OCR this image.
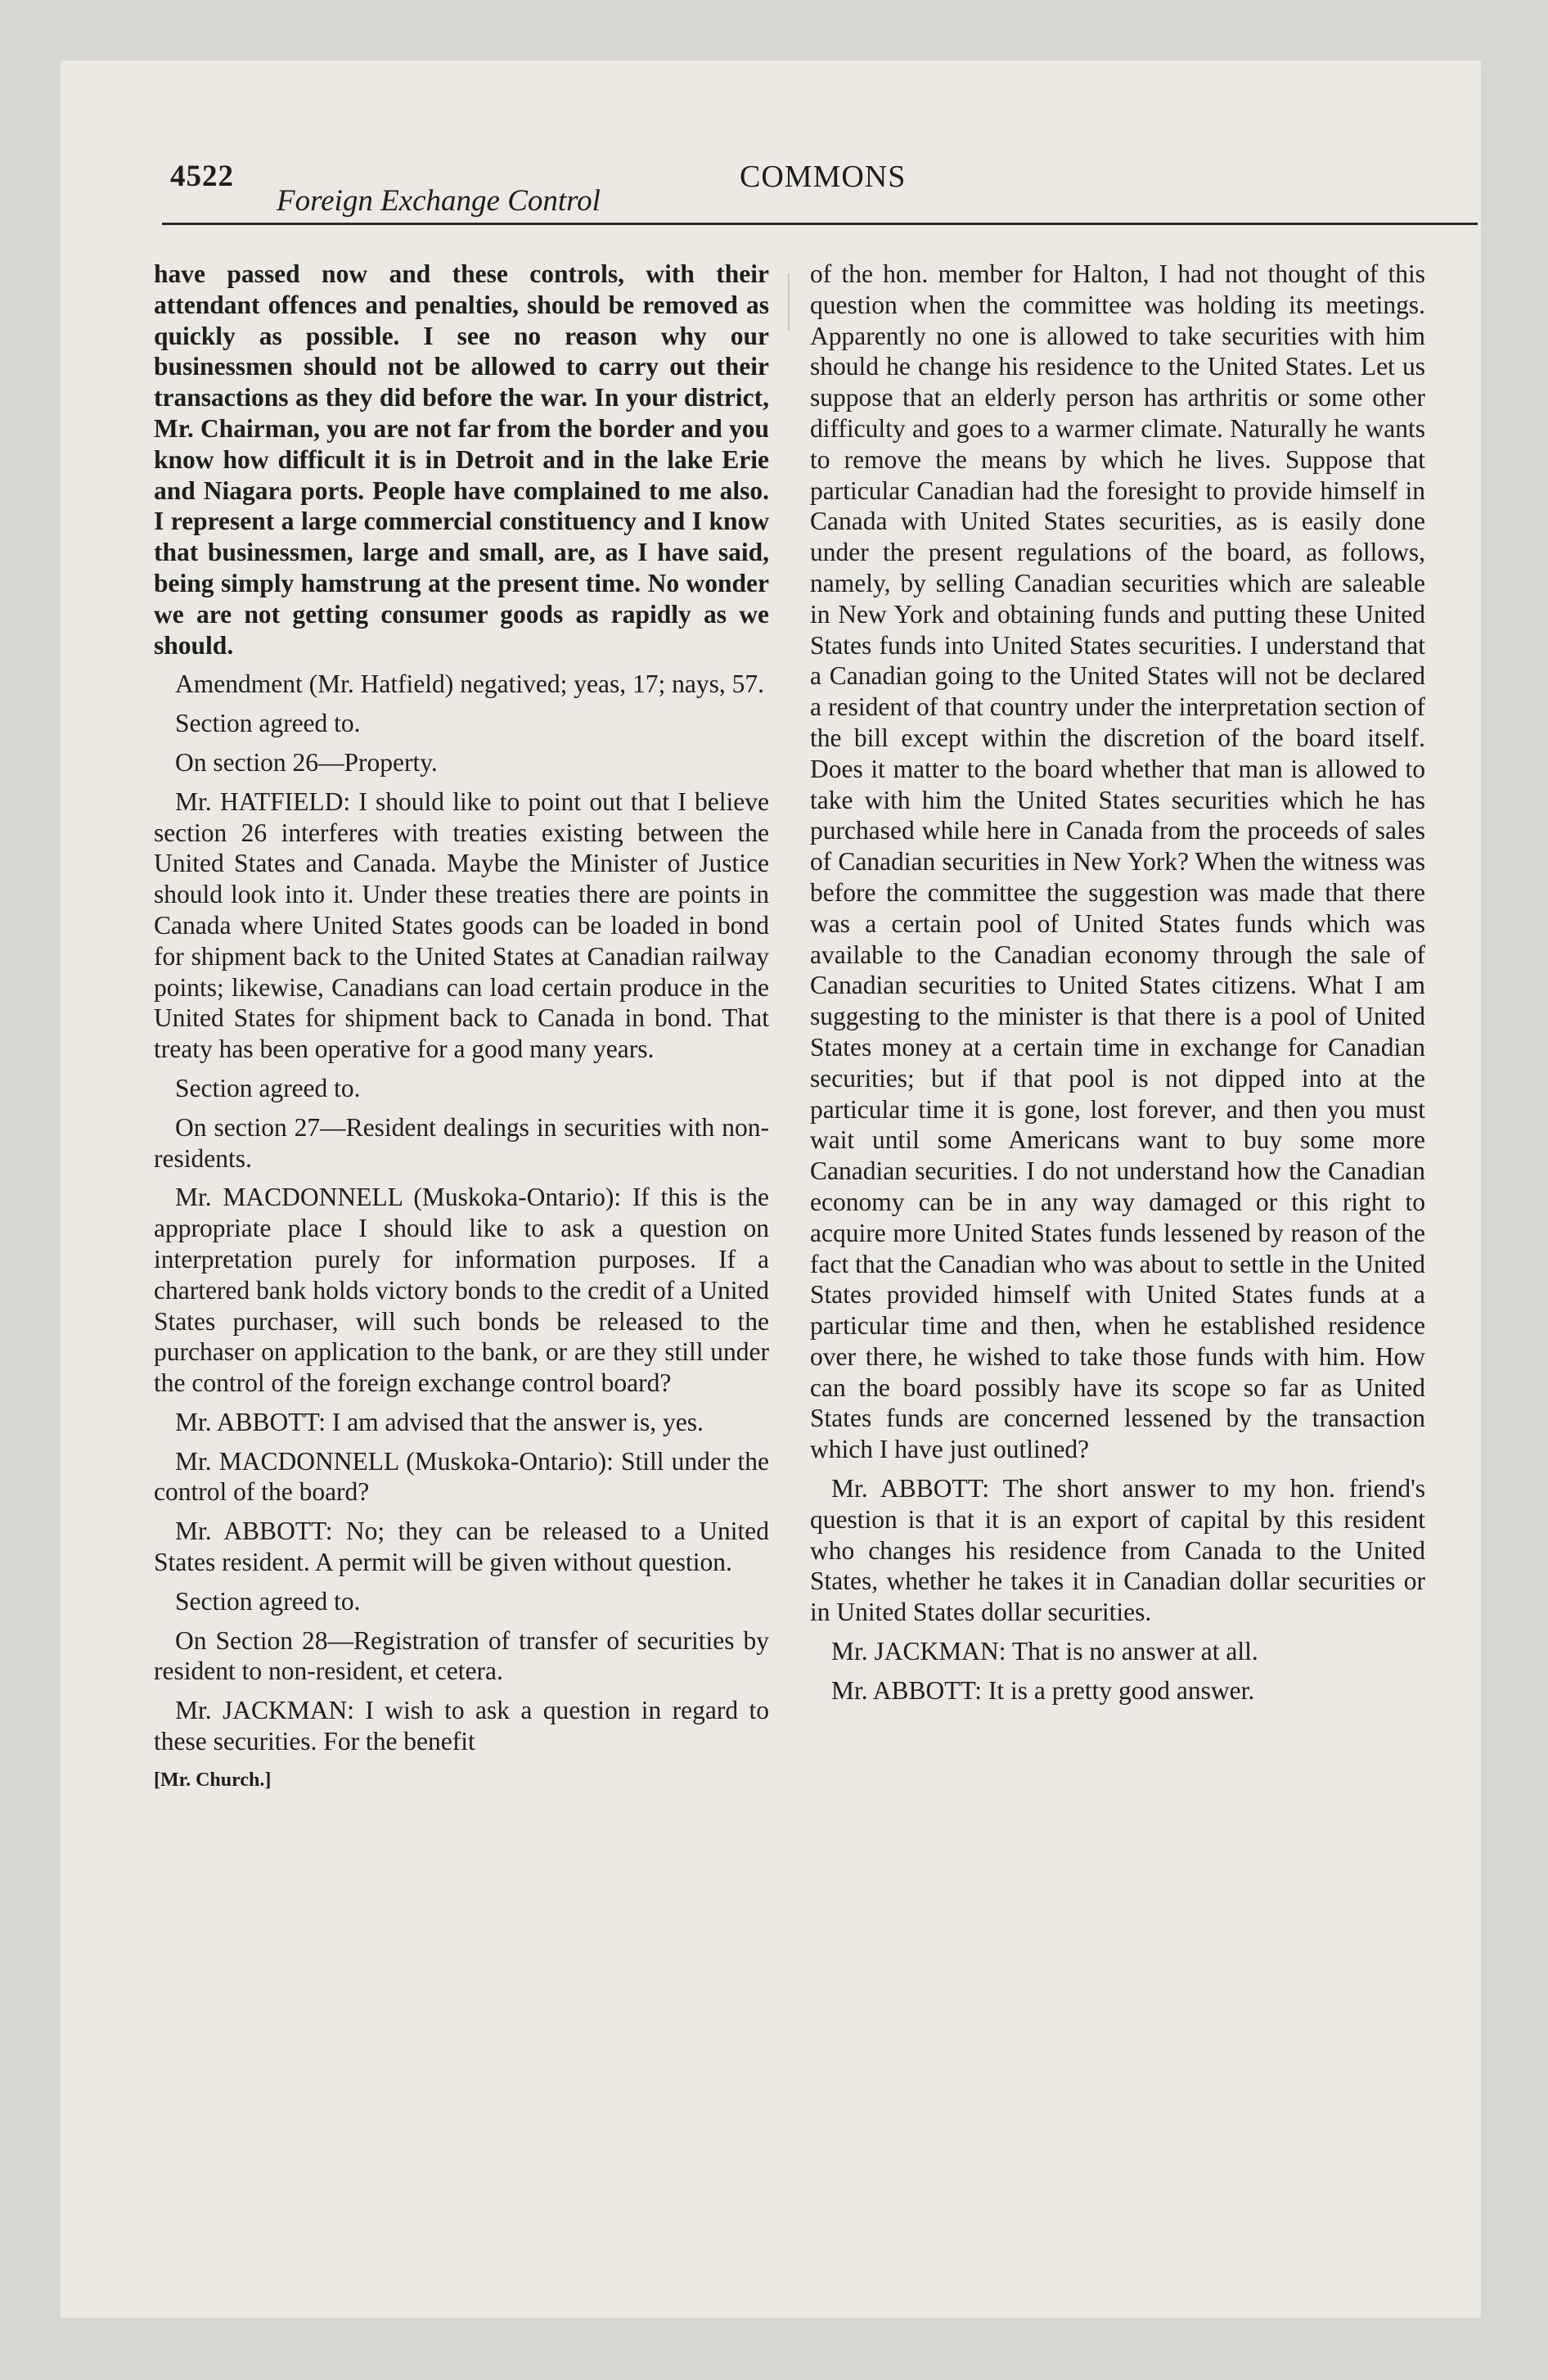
4522
Foreign Exchange Control
COMMONS

have passed now and these controls, with their attendant offences and penalties, should be removed as quickly as possible. I see no reason why our businessmen should not be allowed to carry out their transactions as they did before the war. In your district, Mr. Chairman, you are not far from the border and you know how difficult it is in Detroit and in the lake Erie and Niagara ports. People have complained to me also. I represent a large commercial constituency and I know that businessmen, large and small, are, as I have said, being simply hamstrung at the present time. No wonder we are not getting consumer goods as rapidly as we should.

Amendment (Mr. Hatfield) negatived; yeas, 17; nays, 57.

Section agreed to.

On section 26—Property.

Mr. HATFIELD: I should like to point out that I believe section 26 interferes with treaties existing between the United States and Canada. Maybe the Minister of Justice should look into it. Under these treaties there are points in Canada where United States goods can be loaded in bond for shipment back to the United States at Canadian railway points; likewise, Canadians can load certain produce in the United States for shipment back to Canada in bond. That treaty has been operative for a good many years.

Section agreed to.

On section 27—Resident dealings in securities with non-residents.

Mr. MACDONNELL (Muskoka-Ontario): If this is the appropriate place I should like to ask a question on interpretation purely for information purposes. If a chartered bank holds victory bonds to the credit of a United States purchaser, will such bonds be released to the purchaser on application to the bank, or are they still under the control of the foreign exchange control board?

Mr. ABBOTT: I am advised that the answer is, yes.

Mr. MACDONNELL (Muskoka-Ontario): Still under the control of the board?

Mr. ABBOTT: No; they can be released to a United States resident. A permit will be given without question.

Section agreed to.

On Section 28—Registration of transfer of securities by resident to non-resident, et cetera.

Mr. JACKMAN: I wish to ask a question in regard to these securities. For the benefit

[Mr. Church.]

of the hon. member for Halton, I had not thought of this question when the committee was holding its meetings. Apparently no one is allowed to take securities with him should he change his residence to the United States. Let us suppose that an elderly person has arthritis or some other difficulty and goes to a warmer climate. Naturally he wants to remove the means by which he lives. Suppose that particular Canadian had the foresight to provide himself in Canada with United States securities, as is easily done under the present regulations of the board, as follows, namely, by selling Canadian securities which are saleable in New York and obtaining funds and putting these United States funds into United States securities. I understand that a Canadian going to the United States will not be declared a resident of that country under the interpretation section of the bill except within the discretion of the board itself. Does it matter to the board whether that man is allowed to take with him the United States securities which he has purchased while here in Canada from the proceeds of sales of Canadian securities in New York? When the witness was before the committee the suggestion was made that there was a certain pool of United States funds which was available to the Canadian economy through the sale of Canadian securities to United States citizens. What I am suggesting to the minister is that there is a pool of United States money at a certain time in exchange for Canadian securities; but if that pool is not dipped into at the particular time it is gone, lost forever, and then you must wait until some Americans want to buy some more Canadian securities. I do not understand how the Canadian economy can be in any way damaged or this right to acquire more United States funds lessened by reason of the fact that the Canadian who was about to settle in the United States provided himself with United States funds at a particular time and then, when he established residence over there, he wished to take those funds with him. How can the board possibly have its scope so far as United States funds are concerned lessened by the transaction which I have just outlined?

Mr. ABBOTT: The short answer to my hon. friend's question is that it is an export of capital by this resident who changes his residence from Canada to the United States, whether he takes it in Canadian dollar securities or in United States dollar securities.

Mr. JACKMAN: That is no answer at all.

Mr. ABBOTT: It is a pretty good answer.
